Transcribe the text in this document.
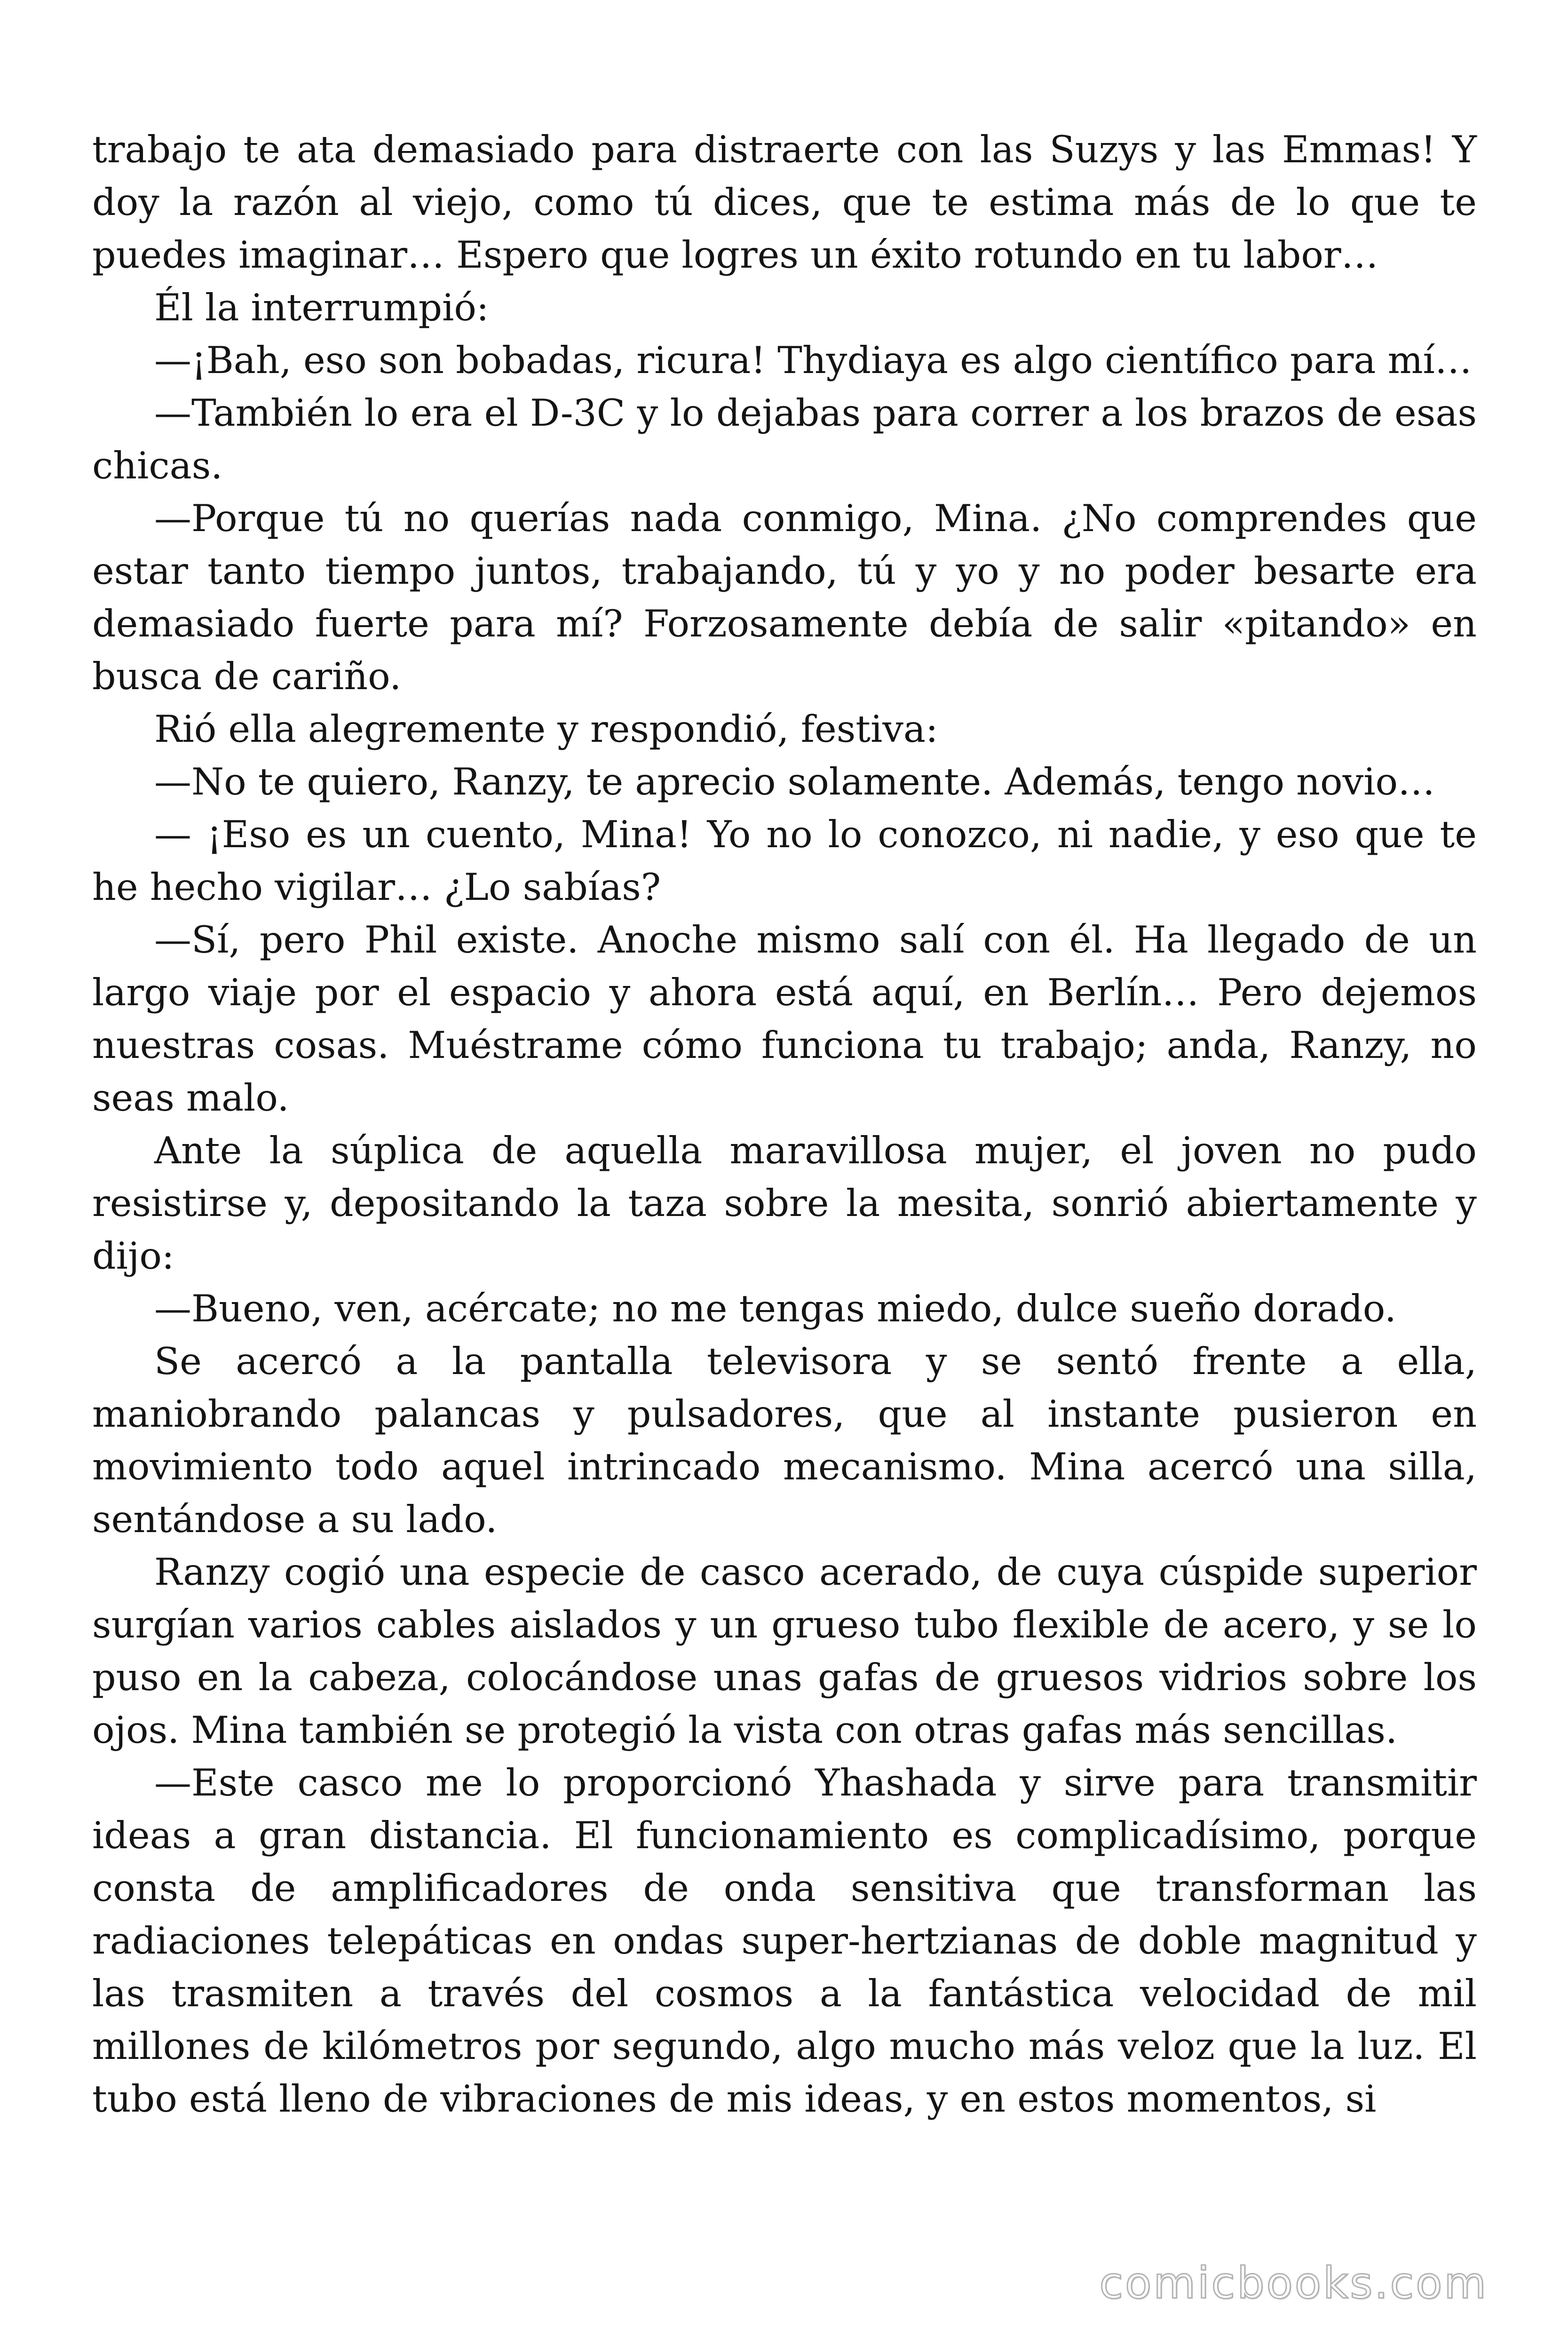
trabajo te ata demasiado para distraerte con las Suzys y las Emmas! Y doy la razón al viejo, como tú dices, que te estima más de lo que te puedes imaginar… Espero que logres un éxito rotundo en tu labor…

Él la interrumpió:

—¡Bah, eso son bobadas, ricura! Thydiaya es algo científico para mí…

—También lo era el D-3C y lo dejabas para correr a los brazos de esas chicas.

—Porque tú no querías nada conmigo, Mina. ¿No comprendes que estar tanto tiempo juntos, trabajando, tú y yo y no poder besarte era demasiado fuerte para mí? Forzosamente debía de salir «pitando» en busca de cariño.

Rió ella alegremente y respondió, festiva:

—No te quiero, Ranzy, te aprecio solamente. Además, tengo novio…

— ¡Eso es un cuento, Mina! Yo no lo conozco, ni nadie, y eso que te he hecho vigilar… ¿Lo sabías?

—Sí, pero Phil existe. Anoche mismo salí con él. Ha llegado de un largo viaje por el espacio y ahora está aquí, en Berlín… Pero dejemos nuestras cosas. Muéstrame cómo funciona tu trabajo; anda, Ranzy, no seas malo.

Ante la súplica de aquella maravillosa mujer, el joven no pudo resistirse y, depositando la taza sobre la mesita, sonrió abiertamente y dijo:

—Bueno, ven, acércate; no me tengas miedo, dulce sueño dorado.

Se acercó a la pantalla televisora y se sentó frente a ella, maniobrando palancas y pulsadores, que al instante pusieron en movimiento todo aquel intrincado mecanismo. Mina acercó una silla, sentándose a su lado.

Ranzy cogió una especie de casco acerado, de cuya cúspide superior surgían varios cables aislados y un grueso tubo flexible de acero, y se lo puso en la cabeza, colocándose unas gafas de gruesos vidrios sobre los ojos. Mina también se protegió la vista con otras gafas más sencillas.

—Este casco me lo proporcionó Yhashada y sirve para transmitir ideas a gran distancia. El funcionamiento es complicadísimo, porque consta de amplificadores de onda sensitiva que transforman las radiaciones telepáticas en ondas super-hertzianas de doble magnitud y las trasmiten a través del cosmos a la fantástica velocidad de mil millones de kilómetros por segundo, algo mucho más veloz que la luz. El tubo está lleno de vibraciones de mis ideas, y en estos momentos, si

comicbooks.com
